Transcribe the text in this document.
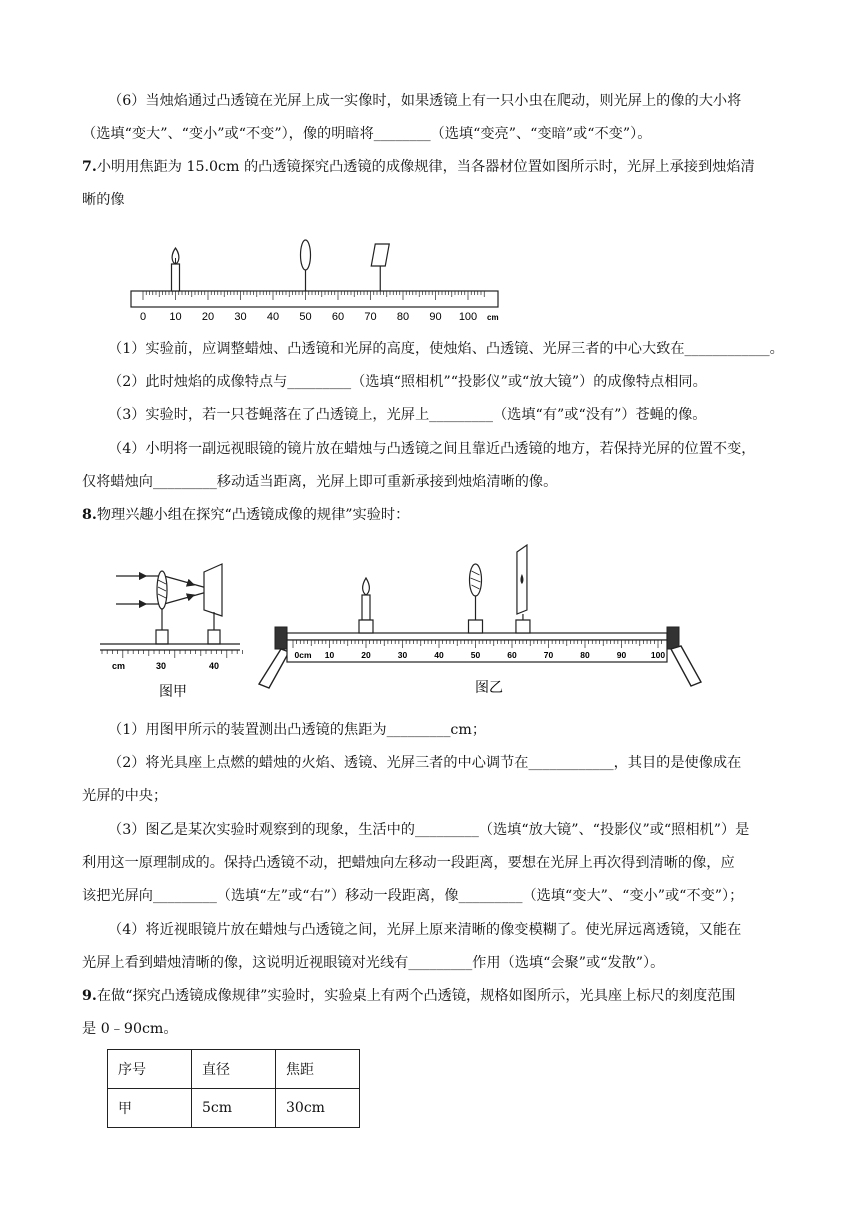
（6）当烛焰通过凸透镜在光屏上成一实像时，如果透镜上有一只小虫在爬动，则光屏上的像的大小将
（选填“变大”、“变小”或“不变”），像的明暗将________（选填“变亮”、“变暗”或“不变”）。
7.小明用焦距为 15.0cm 的凸透镜探究凸透镜的成像规律，当各器材位置如图所示时，光屏上承接到烛焰清
晰的像
0 10 20 30 40 50 60 70 80 90 100 cm
（1）实验前，应调整蜡烛、凸透镜和光屏的高度，使烛焰、凸透镜、光屏三者的中心大致在____________。
（2）此时烛焰的成像特点与_________（选填“照相机”“投影仪”或“放大镜”）的成像特点相同。
（3）实验时，若一只苍蝇落在了凸透镜上，光屏上_________（选填“有”或“没有”）苍蝇的像。
（4）小明将一副远视眼镜的镜片放在蜡烛与凸透镜之间且靠近凸透镜的地方，若保持光屏的位置不变，
仅将蜡烛向_________移动适当距离，光屏上即可重新承接到烛焰清晰的像。
8.物理兴趣小组在探究“凸透镜成像的规律”实验时：
cm	30	40
图甲
0cm 10	20	30	40	50	60	70	80	90	100
图乙
（1）用图甲所示的装置测出凸透镜的焦距为_________cm；
（2）将光具座上点燃的蜡烛的火焰、透镜、光屏三者的中心调节在____________，其目的是使像成在
光屏的中央；
（3）图乙是某次实验时观察到的现象，生活中的_________（选填“放大镜”、“投影仪”或“照相机”）是
利用这一原理制成的。保持凸透镜不动，把蜡烛向左移动一段距离，要想在光屏上再次得到清晰的像，应
该把光屏向_________（选填“左”或“右”）移动一段距离，像_________（选填“变大”、“变小”或“不变”）；
（4）将近视眼镜片放在蜡烛与凸透镜之间，光屏上原来清晰的像变模糊了。使光屏远离透镜，又能在
光屏上看到蜡烛清晰的像，这说明近视眼镜对光线有_________作用（选填“会聚”或“发散”）。
9.在做“探究凸透镜成像规律”实验时，实验桌上有两个凸透镜，规格如图所示，光具座上标尺的刻度范围
是 0﹣90cm。
序号	直径	焦距
甲	5cm	30cm
